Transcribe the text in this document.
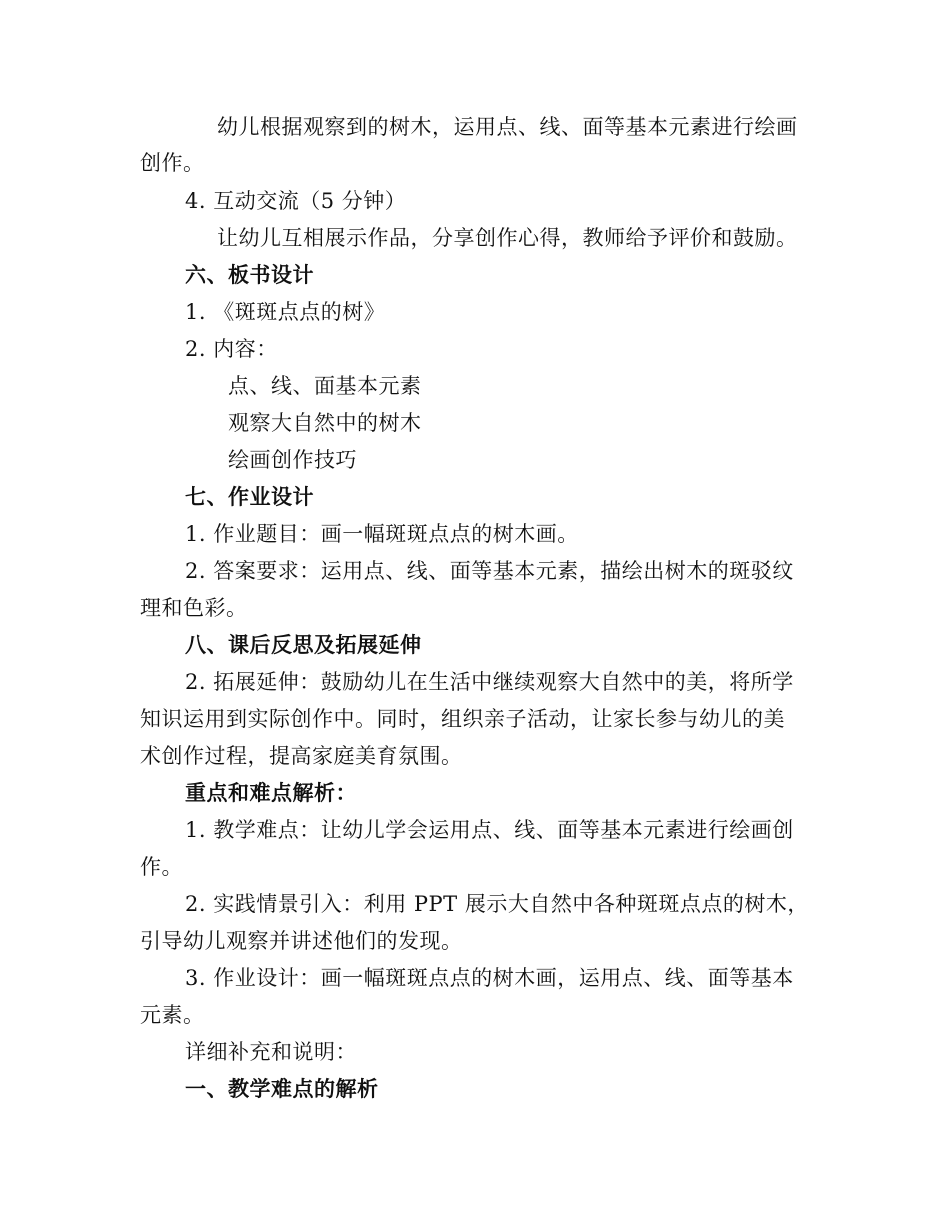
幼儿根据观察到的树木，运用点、线、面等基本元素进行绘画
创作。
4. 互动交流（5 分钟）
让幼儿互相展示作品，分享创作心得，教师给予评价和鼓励。
六、板书设计
1. 《斑斑点点的树》
2. 内容：
点、线、面基本元素
观察大自然中的树木
绘画创作技巧
七、作业设计
1. 作业题目：画一幅斑斑点点的树木画。
2. 答案要求：运用点、线、面等基本元素，描绘出树木的斑驳纹
理和色彩。
八、课后反思及拓展延伸
2. 拓展延伸：鼓励幼儿在生活中继续观察大自然中的美，将所学
知识运用到实际创作中。同时，组织亲子活动，让家长参与幼儿的美
术创作过程，提高家庭美育氛围。
重点和难点解析：
1. 教学难点：让幼儿学会运用点、线、面等基本元素进行绘画创
作。
2. 实践情景引入：利用 PPT 展示大自然中各种斑斑点点的树木，
引导幼儿观察并讲述他们的发现。
3. 作业设计：画一幅斑斑点点的树木画，运用点、线、面等基本
元素。
详细补充和说明：
一、教学难点的解析
